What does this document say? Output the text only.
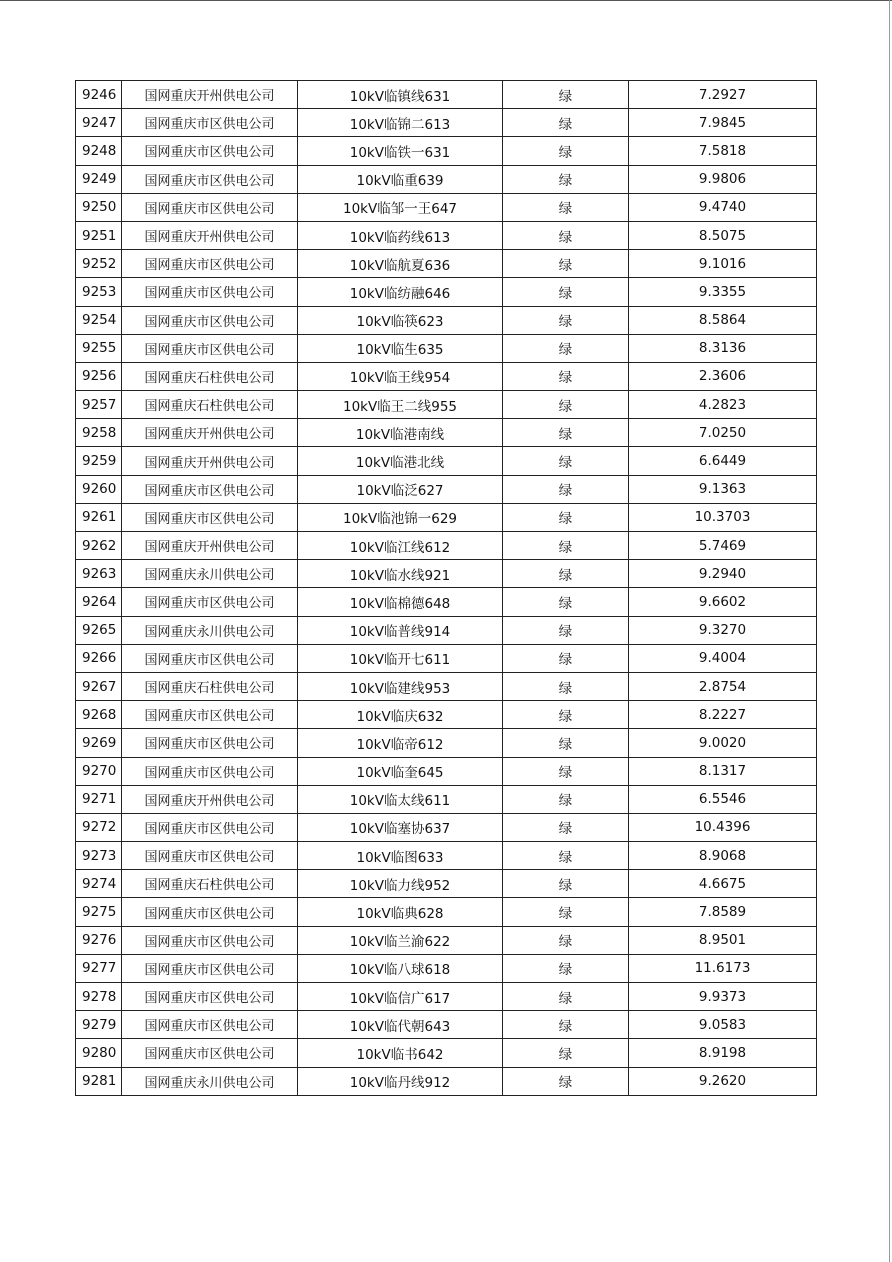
9246	国网重庆开州供电公司	10kV临镇线631	绿	7.2927
9247	国网重庆市区供电公司	10kV临锦二613	绿	7.9845
9248	国网重庆市区供电公司	10kV临铁一631	绿	7.5818
9249	国网重庆市区供电公司	10kV临重639	绿	9.9806
9250	国网重庆市区供电公司	10kV临邹一王647	绿	9.4740
9251	国网重庆开州供电公司	10kV临药线613	绿	8.5075
9252	国网重庆市区供电公司	10kV临航夏636	绿	9.1016
9253	国网重庆市区供电公司	10kV临纺融646	绿	9.3355
9254	国网重庆市区供电公司	10kV临筷623	绿	8.5864
9255	国网重庆市区供电公司	10kV临生635	绿	8.3136
9256	国网重庆石柱供电公司	10kV临王线954	绿	2.3606
9257	国网重庆石柱供电公司	10kV临王二线955	绿	4.2823
9258	国网重庆开州供电公司	10kV临港南线	绿	7.0250
9259	国网重庆开州供电公司	10kV临港北线	绿	6.6449
9260	国网重庆市区供电公司	10kV临泛627	绿	9.1363
9261	国网重庆市区供电公司	10kV临池锦一629	绿	10.3703
9262	国网重庆开州供电公司	10kV临江线612	绿	5.7469
9263	国网重庆永川供电公司	10kV临水线921	绿	9.2940
9264	国网重庆市区供电公司	10kV临棉德648	绿	9.6602
9265	国网重庆永川供电公司	10kV临普线914	绿	9.3270
9266	国网重庆市区供电公司	10kV临开七611	绿	9.4004
9267	国网重庆石柱供电公司	10kV临建线953	绿	2.8754
9268	国网重庆市区供电公司	10kV临庆632	绿	8.2227
9269	国网重庆市区供电公司	10kV临帝612	绿	9.0020
9270	国网重庆市区供电公司	10kV临奎645	绿	8.1317
9271	国网重庆开州供电公司	10kV临太线611	绿	6.5546
9272	国网重庆市区供电公司	10kV临塞协637	绿	10.4396
9273	国网重庆市区供电公司	10kV临图633	绿	8.9068
9274	国网重庆石柱供电公司	10kV临力线952	绿	4.6675
9275	国网重庆市区供电公司	10kV临典628	绿	7.8589
9276	国网重庆市区供电公司	10kV临兰渝622	绿	8.9501
9277	国网重庆市区供电公司	10kV临八球618	绿	11.6173
9278	国网重庆市区供电公司	10kV临信广617	绿	9.9373
9279	国网重庆市区供电公司	10kV临代朝643	绿	9.0583
9280	国网重庆市区供电公司	10kV临书642	绿	8.9198
9281	国网重庆永川供电公司	10kV临丹线912	绿	9.2620
